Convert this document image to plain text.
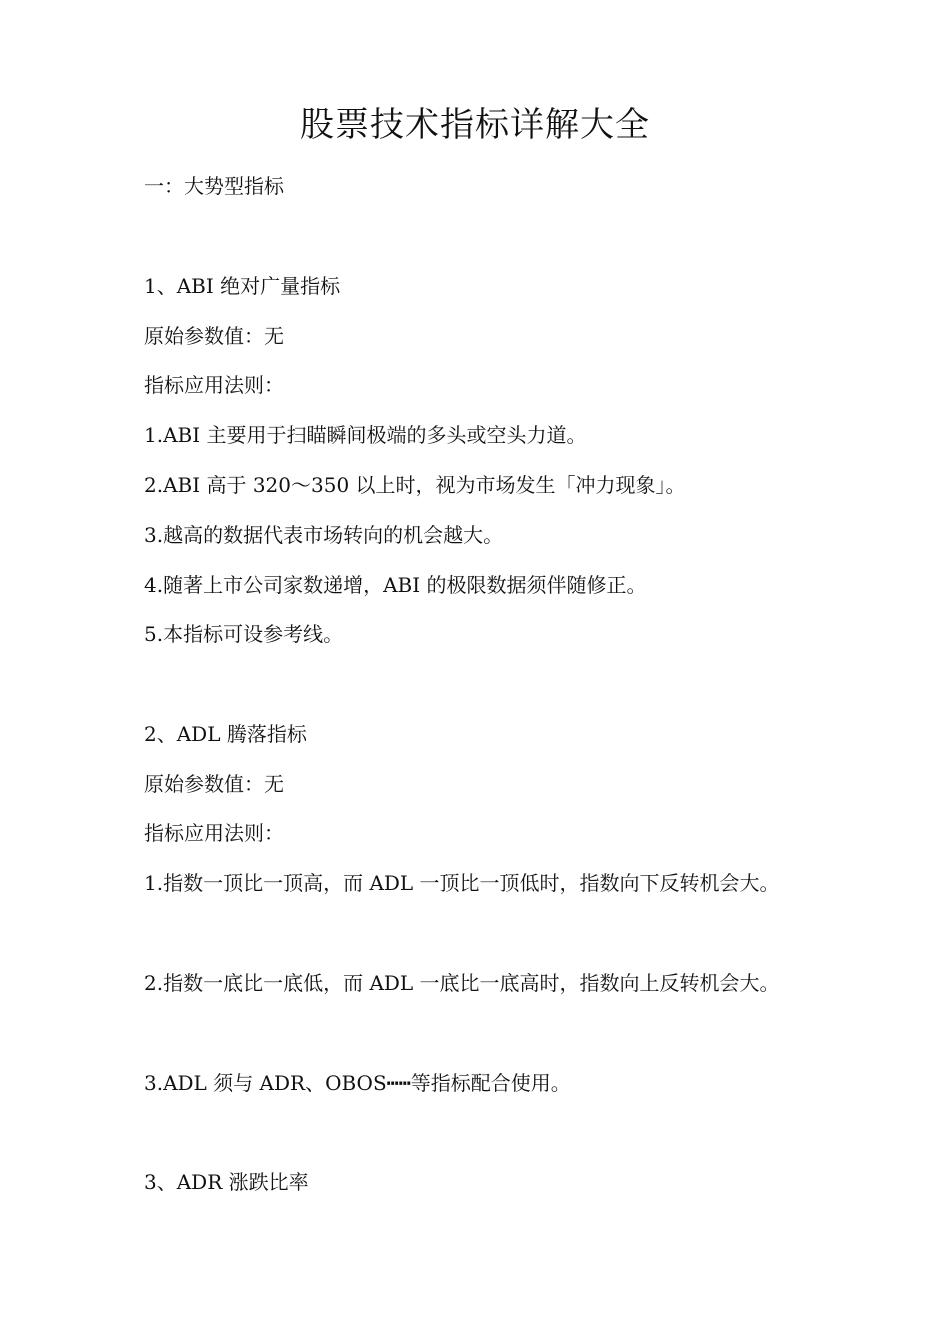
股票技术指标详解大全
一：大势型指标
1、ABI 绝对广量指标
原始参数值：无
指标应用法则：
1.ABI 主要用于扫瞄瞬间极端的多头或空头力道。
2.ABI 高于 320～350 以上时，视为市场发生「冲力现象」。
3.越高的数据代表市场转向的机会越大。
4.随著上市公司家数递增，ABI 的极限数据须伴随修正。
5.本指标可设参考线。
2、ADL 腾落指标
原始参数值：无
指标应用法则：
1.指数一顶比一顶高，而 ADL 一顶比一顶低时，指数向下反转机会大。
2.指数一底比一底低，而 ADL 一底比一底高时，指数向上反转机会大。
3.ADL 须与 ADR、OBOS┅┅等指标配合使用。
3、ADR 涨跌比率
